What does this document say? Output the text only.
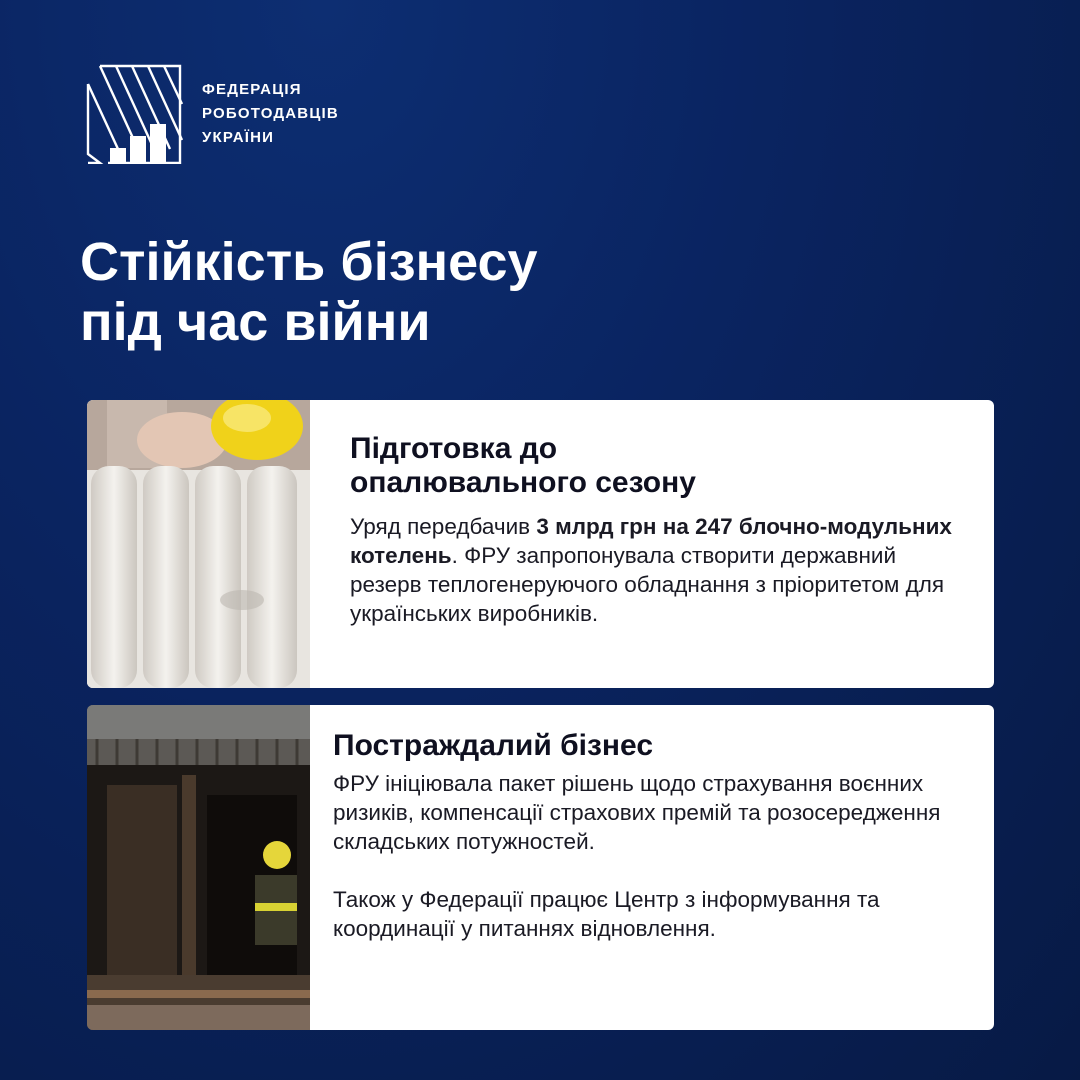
ФЕДЕРАЦІЯ
РОБОТОДАВЦІВ
УКРАЇНИ
Стійкість бізнесу
під час війни
Підготовка до
опалювального сезону

Уряд передбачив 3 млрд грн на 247 блочно-модульних котелень. ФРУ запропонувала створити державний резерв теплогенеруючого обладнання з пріоритетом для українських виробників.

Постраждалий бізнес

ФРУ ініціювала пакет рішень щодо страхування воєнних ризиків, компенсації страхових премій та розосередження складських потужностей.

Також у Федерації працює Центр з інформування та координації у питаннях відновлення.
